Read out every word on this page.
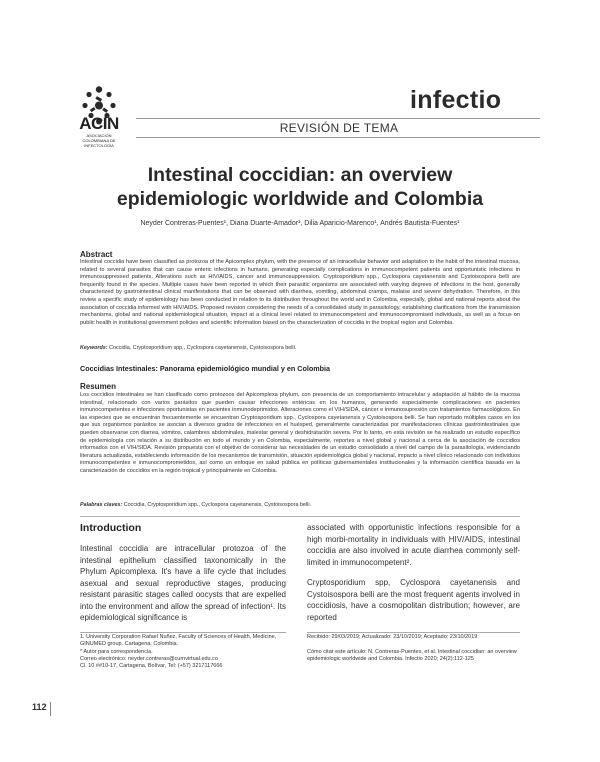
ACIN
ASOCIACIÓN COLOMBIANA DE INFECTOLOGÍA
infectio
REVISIÓN DE TEMA
Intestinal coccidian: an overview epidemiologic worldwide and Colombia
Neyder Contreras-Puentes¹, Diana Duarte-Amador¹, Dilia Aparicio-Marenco¹, Andrés Bautista-Fuentes¹
Abstract
Intestinal coccidia have been classified as protozoa of the Apicomplex phylum, with the presence of an intracellular behavior and adaptation to the habit of the intestinal mucosa, related to several parasites that can cause enteric infections in humans, generating especially complications in immunocompetent patients and opportunistic infections in immunosuppressed patients. Alterations such as HIV/AIDS, cancer and immunosuppression. Cryptosporidium spp., Cyclospora cayetanensis and Cystoisospora belli are frequently found in the species. Multiple cases have been reported in which their parasitic organisms are associated with varying degrees of infections in the host, generally characterized by gastrointestinal clinical manifestations that can be observed with diarrhea, vomiting, abdominal cramps, malaise and severe dehydration. Therefore, in this review a specific study of epidemiology has been conducted in relation to its distribution throughout the world and in Colombia, especially, global and national reports about the association of coccidia informed with HIV/AIDS. Proposed revision considering the needs of a consolidated study in parasitology, establishing clarifications from the transmission mechanisms, global and national epidemiological situation, impact at a clinical level related to immunocompetent and immunocompromised individuals, as well as a focus on public health in institutional government policies and scientific information based on the characterization of coccidia in the tropical region and Colombia.
Keywords: Coccidia, Cryptosporidium spp., Cyclospora cayetanensis, Cystoisospora belli.
Coccidias Intestinales: Panorama epidemiológico mundial y en Colombia
Resumen
Los coccidios intestinales se han clasificado como protozoos del Apicomplexa phylum, con presencia de un comportamiento intracelular y adaptación al hábito de la mucosa intestinal, relacionado con varios parásitos que pueden causar infecciones entéricas en los humanos, generando especialmente complicaciones en pacientes inmunocompetentes e infecciones oportunistas en pacientes inmunodeprimidos. Alteraciones como el VIH/SIDA, cáncer e inmunosupresión con tratamientos farmacológicos. En las especies que se encuentran frecuentemente se encuentran Cryptosporidium spp., Cyclospora cayetanensis y Cystoisospora belli. Se han reportado múltiples casos en los que sus organismos parásitos se asocian a diversos grados de infecciones en el huésped, generalmente caracterizadas por manifestaciones clínicas gastrointestinales que pueden observarse con diarrea, vómitos, calambres abdominales, malestar general y deshidratación severa. Por lo tanto, en esta revisión se ha realizado un estudio específico de epidemiología con relación a su distribución en todo el mundo y en Colombia, especialmente, reportes a nivel global y nacional a cerca de la asociación de coccidios informados con el VIH/SIDA. Revisión propuesta con el objetivo de considerar las necesidades de un estudio consolidado a nivel del campo de la parasitología, evidenciando literatura actualizada, estableciendo información de los mecanismos de transmisión, situación epidemiológica global y nacional, impacto a nivel clínico relacionado con individuos inmunocompetentes e inmunocomprometidos, así como un enfoque en salud pública en políticas gubernamentales institucionales y la información científica basada en la caracterización de coccidios en la región tropical y principalmente en Colombia.
Palabras claves: Coccidia, Cryptosporidium spp., Cyclospora cayetanensis, Cystoisospora belli.
Introduction
Intestinal coccidia are intracellular protozoa of the intestinal epithelium classified taxonomically in the Phylum Apicomplexa. It's have a life cycle that includes asexual and sexual reproductive stages, producing resistant parasitic stages called oocysts that are expelled into the environment and allow the spread of infection¹. Its epidemiological significance is
associated with opportunistic infections responsible for a high morbi-mortality in individuals with HIV/AIDS, intestinal coccidia are also involved in acute diarrhea commonly self-limited in immunocompetent².
Cryptosporidium spp, Cyclospora cayetanensis and Cystoisospora belli are the most frequent agents involved in coccidiosis, have a cosmopolitan distribution; however, are reported
1. University Corporation Rafael Nuñez, Faculty of Sciences of Health, Medicine, GINUMED group. Cartagena, Colombia.
* Autor para correspondencia.
Correo electrónico: neyder.contreras@curnvirtual.edu.co
Cl. 10 ##10-17, Cartagena, Bolívar, Tel: (+57) 3217117666
Recibido: 29/03/2019; Actualizado: 23/10/2019; Aceptado: 23/10/2019
Cómo citar este artículo: N. Contreras-Puentes, et al. Intestinal coccidian: an overview epidemiologic worldwide and Colombia. Infectio 2020; 24(2):112-125
112
